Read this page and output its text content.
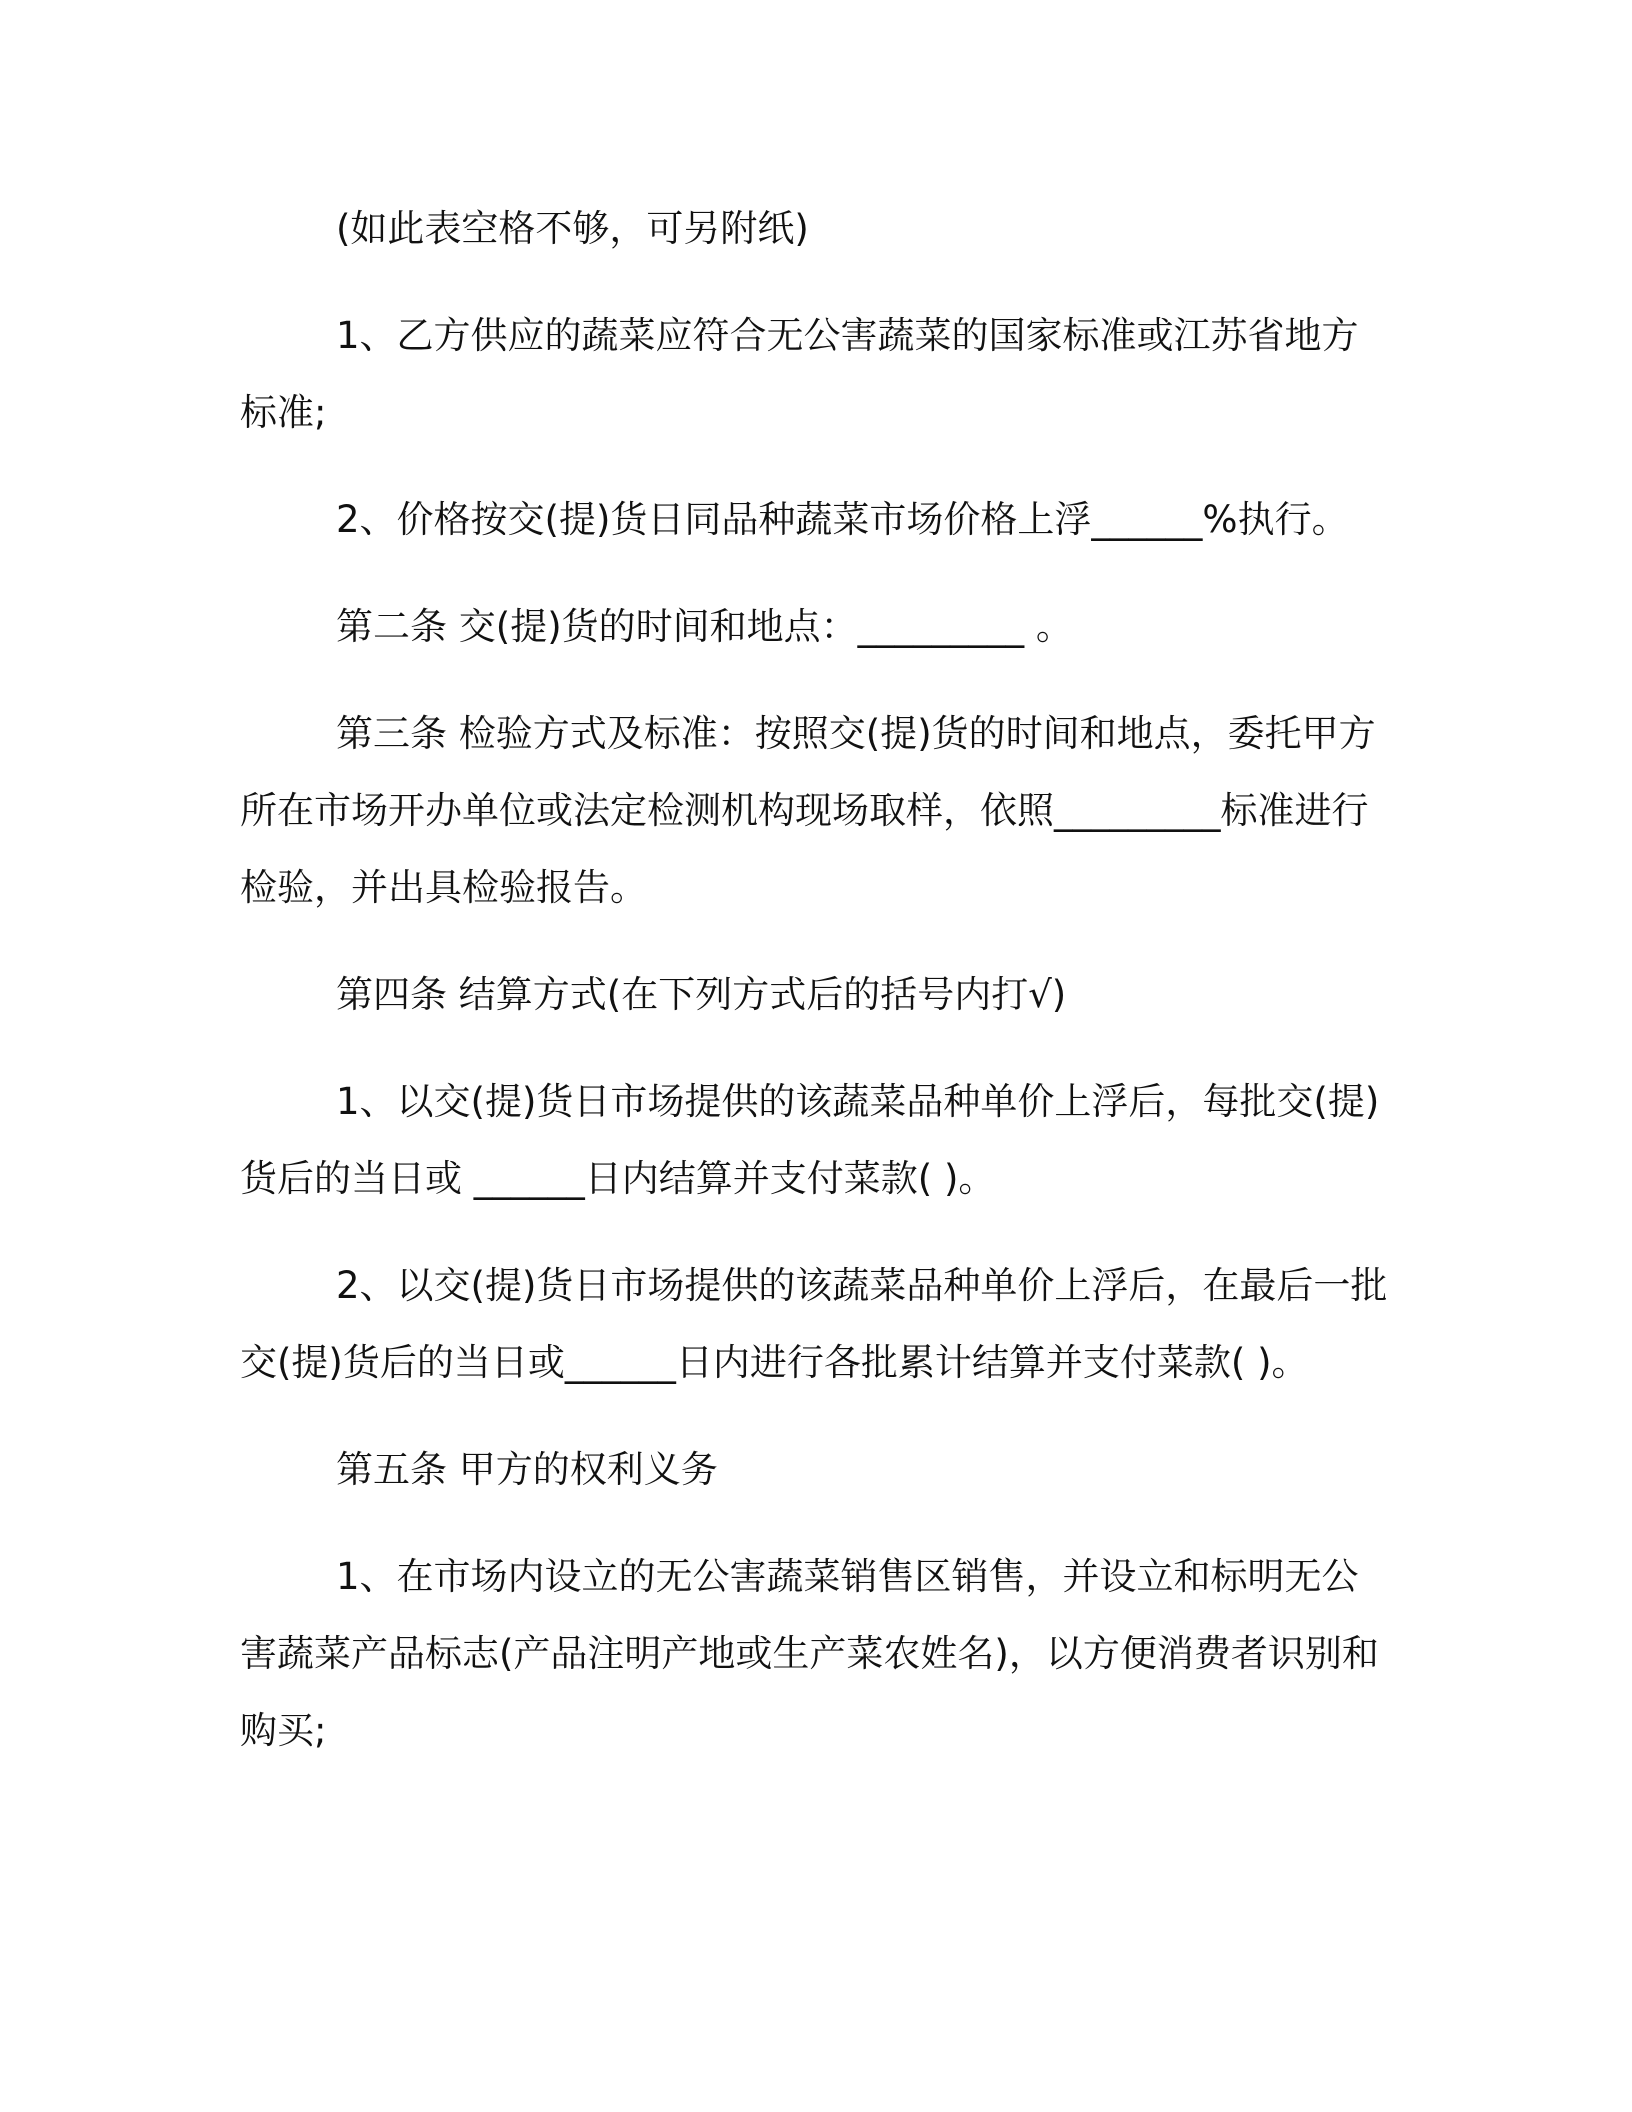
(如此表空格不够，可另附纸)

1、乙方供应的蔬菜应符合无公害蔬菜的国家标准或江苏省地方标准;

2、价格按交(提)货日同品种蔬菜市场价格上浮______%执行。

第二条 交(提)货的时间和地点：_________ 。

第三条 检验方式及标准：按照交(提)货的时间和地点，委托甲方所在市场开办单位或法定检测机构现场取样，依照_________标准进行检验，并出具检验报告。

第四条 结算方式(在下列方式后的括号内打√)

1、以交(提)货日市场提供的该蔬菜品种单价上浮后，每批交(提)货后的当日或 ______日内结算并支付菜款( )。

2、以交(提)货日市场提供的该蔬菜品种单价上浮后，在最后一批交(提)货后的当日或______日内进行各批累计结算并支付菜款( )。

第五条 甲方的权利义务

1、在市场内设立的无公害蔬菜销售区销售，并设立和标明无公害蔬菜产品标志(产品注明产地或生产菜农姓名)，以方便消费者识别和购买;
